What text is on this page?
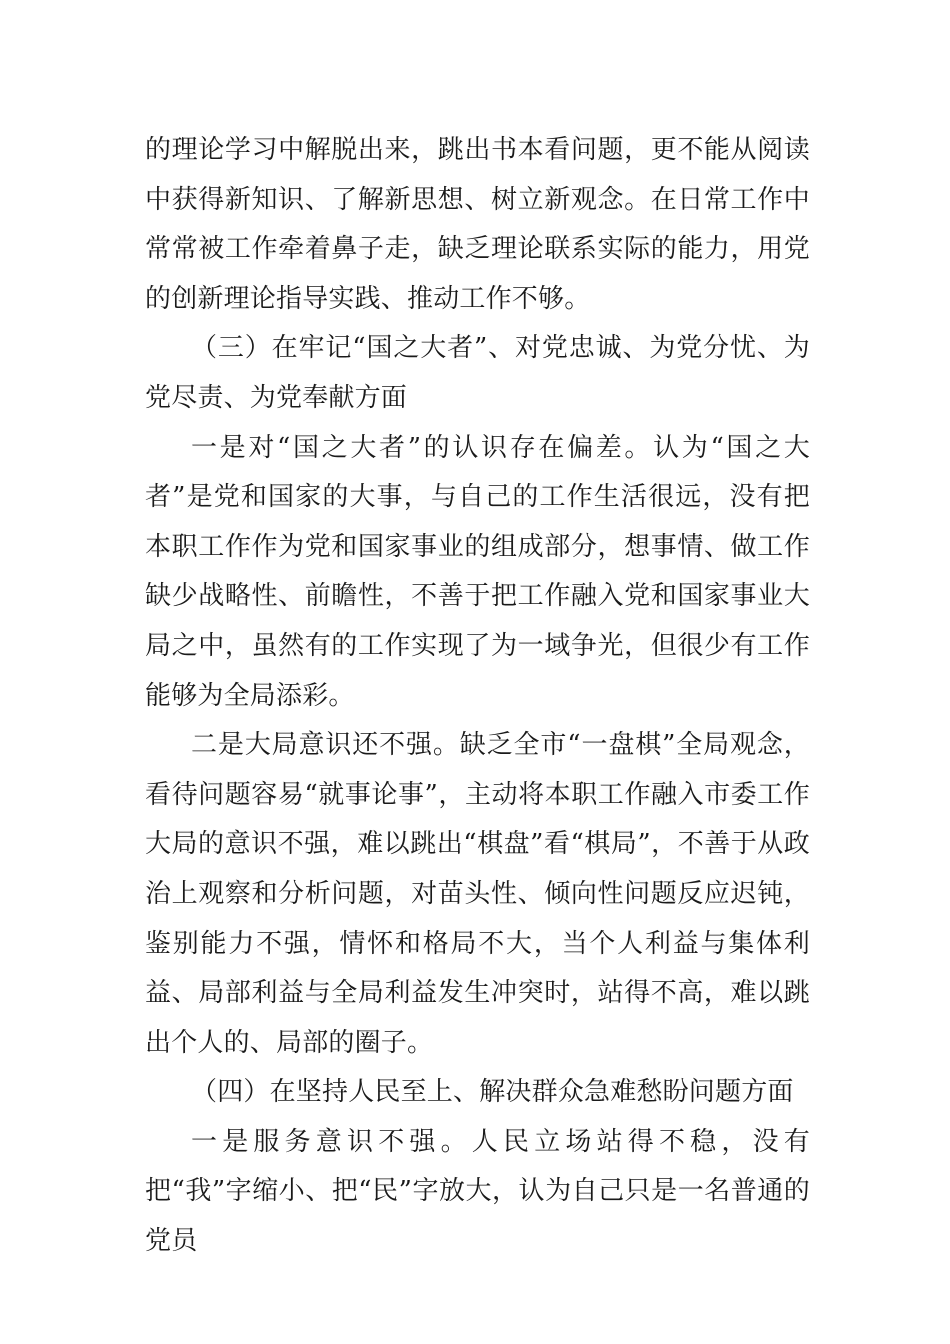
的理论学习中解脱出来，跳出书本看问题，更不能从阅读中获得新知识、了解新思想、树立新观念。在日常工作中常常被工作牵着鼻子走，缺乏理论联系实际的能力，用党的创新理论指导实践、推动工作不够。

（三）在牢记“国之大者”、对党忠诚、为党分忧、为党尽责、为党奉献方面

一是对“国之大者”的认识存在偏差。认为“国之大者”是党和国家的大事，与自己的工作生活很远，没有把本职工作作为党和国家事业的组成部分，想事情、做工作缺少战略性、前瞻性，不善于把工作融入党和国家事业大局之中，虽然有的工作实现了为一域争光，但很少有工作能够为全局添彩。

二是大局意识还不强。缺乏全市“一盘棋”全局观念，看待问题容易“就事论事”，主动将本职工作融入市委工作大局的意识不强，难以跳出“棋盘”看“棋局”，不善于从政治上观察和分析问题，对苗头性、倾向性问题反应迟钝，鉴别能力不强，情怀和格局不大，当个人利益与集体利益、局部利益与全局利益发生冲突时，站得不高，难以跳出个人的、局部的圈子。

（四）在坚持人民至上、解决群众急难愁盼问题方面

一是服务意识不强。人民立场站得不稳，没有把“我”字缩小、把“民”字放大，认为自己只是一名普通的党员
